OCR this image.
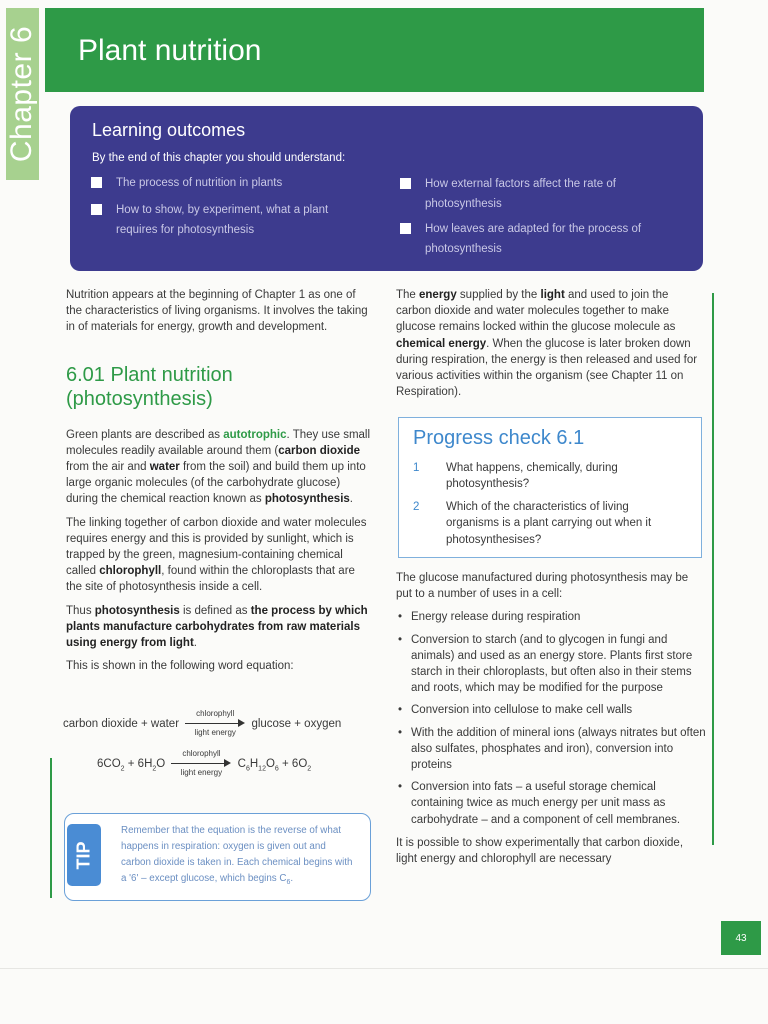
Chapter 6 Plant nutrition
Learning outcomes
By the end of this chapter you should understand:
The process of nutrition in plants
How to show, by experiment, what a plant requires for photosynthesis
How external factors affect the rate of photosynthesis
How leaves are adapted for the process of photosynthesis

Nutrition appears at the beginning of Chapter 1 as one of the characteristics of living organisms. It involves the taking in of materials for energy, growth and development.

6.01 Plant nutrition (photosynthesis)

Green plants are described as autotrophic. They use small molecules readily available around them (carbon dioxide from the air and water from the soil) and build them up into large organic molecules (of the carbohydrate glucose) during the chemical reaction known as photosynthesis.

The linking together of carbon dioxide and water molecules requires energy and this is provided by sunlight, which is trapped by the green, magnesium-containing chemical called chlorophyll, found within the chloroplasts that are the site of photosynthesis inside a cell.

Thus photosynthesis is defined as the process by which plants manufacture carbohydrates from raw materials using energy from light.

This is shown in the following word equation:

carbon dioxide + water
chlorophyll
light energy
glucose + oxygen
$6CO_2 + 6H_2O$
chlorophyll
light energy
$C_6H_{12}O_6 + 6O_2$
TIP
Remember that the equation is the reverse of what happens in respiration: oxygen is given out and carbon dioxide is taken in. Each chemical begins with a '6' – except glucose, which begins $C_6$.

The energy supplied by the light and used to join the carbon dioxide and water molecules together to make glucose remains locked within the glucose molecule as chemical energy. When the glucose is later broken down during respiration, the energy is then released and used for various activities within the organism (see Chapter 11 on Respiration).

Progress check 6.1
1 What happens, chemically, during photosynthesis?
2 Which of the characteristics of living organisms is a plant carrying out when it photosynthesises?

The glucose manufactured during photosynthesis may be put to a number of uses in a cell:

• Energy release during respiration
• Conversion to starch (and to glycogen in fungi and animals) and used as an energy store. Plants first store starch in their chloroplasts, but often also in their stems and roots, which may be modified for the purpose
• Conversion into cellulose to make cell walls
• With the addition of mineral ions (always nitrates but often also sulfates, phosphates and iron), conversion into proteins
• Conversion into fats – a useful storage chemical containing twice as much energy per unit mass as carbohydrate – and a component of cell membranes.

It is possible to show experimentally that carbon dioxide, light energy and chlorophyll are necessary

43
